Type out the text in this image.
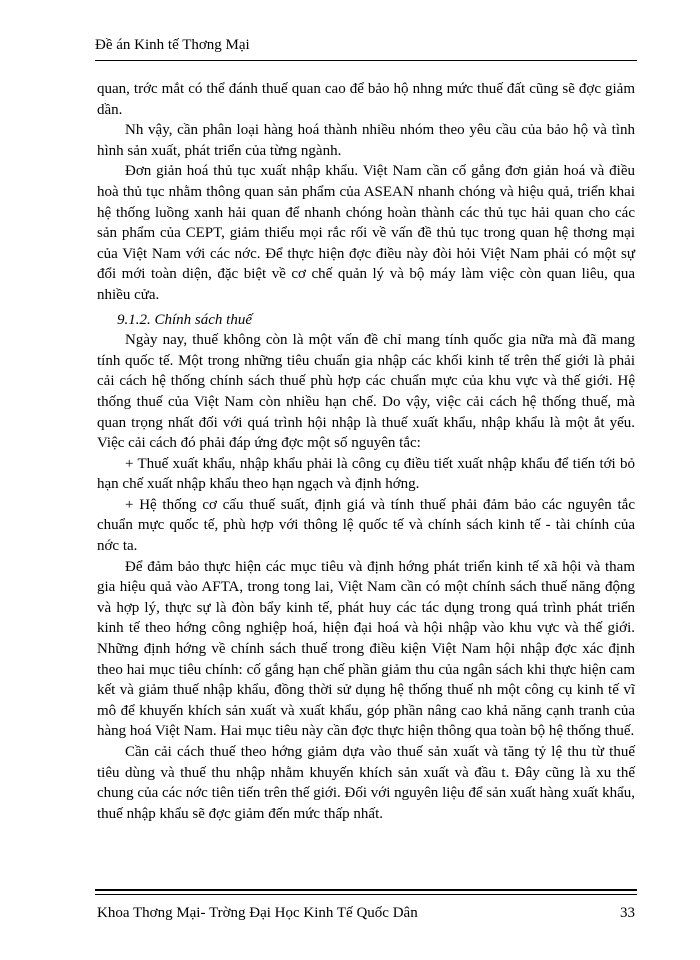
Đề án Kinh tế Thơng Mại

quan, trớc mắt có thể đánh thuế quan cao để bảo hộ nhng mức thuế đất cũng sẽ đợc giảm dần.

Nh vậy, cần phân loại hàng hoá thành nhiều nhóm theo yêu cầu của bảo hộ và tình hình sản xuất, phát triển của từng ngành.

Đơn giản hoá thủ tục xuất nhập khẩu. Việt Nam cần cố gắng đơn giản hoá và điều hoà thủ tục nhằm thông quan sản phẩm của ASEAN nhanh chóng và hiệu quả, triển khai hệ thống luồng xanh hải quan để nhanh chóng hoàn thành các thủ tục hải quan cho các sản phẩm của CEPT, giảm thiểu mọi rắc rối về vấn đề thủ tục trong quan hệ thơng mại của Việt Nam với các nớc. Để thực hiện đợc điều này đòi hỏi Việt Nam phải có một sự đổi mới toàn diện, đặc biệt về cơ chế quản lý và bộ máy làm việc còn quan liêu, qua nhiều cửa.

9.1.2. Chính sách thuế

Ngày nay, thuế không còn là một vấn đề chỉ mang tính quốc gia nữa mà đã mang tính quốc tế. Một trong những tiêu chuẩn gia nhập các khối kinh tế trên thế giới là phải cải cách hệ thống chính sách thuế phù hợp các chuẩn mực của khu vực và thế giới. Hệ thống thuế của Việt Nam còn nhiều hạn chế. Do vậy, việc cải cách hệ thống thuế, mà quan trọng nhất đối với quá trình hội nhập là thuế xuất khẩu, nhập khẩu là một ắt yếu. Việc cải cách đó phải đáp ứng đợc một số nguyên tắc:

+ Thuế xuất khẩu, nhập khẩu phải là công cụ điều tiết xuất nhập khẩu để tiến tới bỏ hạn chế xuất nhập khẩu theo hạn ngạch và định hớng.

+ Hệ thống cơ cấu thuế suất, định giá và tính thuế phải đảm bảo các nguyên tắc chuẩn mực quốc tế, phù hợp với thông lệ quốc tế và chính sách kinh tế - tài chính của nớc ta.

Để đảm bảo thực hiện các mục tiêu và định hớng phát triển kinh tế xã hội và tham gia hiệu quả vào AFTA, trong tong lai, Việt Nam cần có một chính sách thuế năng động và hợp lý, thực sự là đòn bẩy kinh tế, phát huy các tác dụng trong quá trình phát triển kinh tế theo hớng công nghiệp hoá, hiện đại hoá và hội nhập vào khu vực và thế giới. Những định hớng về chính sách thuế trong điều kiện Việt Nam hội nhập đợc xác định theo hai mục tiêu chính: cố gắng hạn chế phần giảm thu của ngân sách khi thực hiện cam kết và giảm thuế nhập khẩu, đồng thời sử dụng hệ thống thuế nh một công cụ kinh tế vĩ mô để khuyến khích sản xuất và xuất khẩu, góp phần nâng cao khả năng cạnh tranh của hàng hoá Việt Nam. Hai mục tiêu này cần đợc thực hiện thông qua toàn bộ hệ thống thuế.

Cần cải cách thuế theo hớng giảm dựa vào thuế sản xuất và tăng tỷ lệ thu từ thuế tiêu dùng và thuế thu nhập nhằm khuyến khích sản xuất và đầu t. Đây cũng là xu thế chung của các nớc tiên tiến trên thế giới. Đối với nguyên liệu để sản xuất hàng xuất khẩu, thuế nhập khẩu sẽ đợc giảm đến mức thấp nhất.

Khoa Thơng Mại- Trờng Đại Học Kinh Tế Quốc Dân	33
